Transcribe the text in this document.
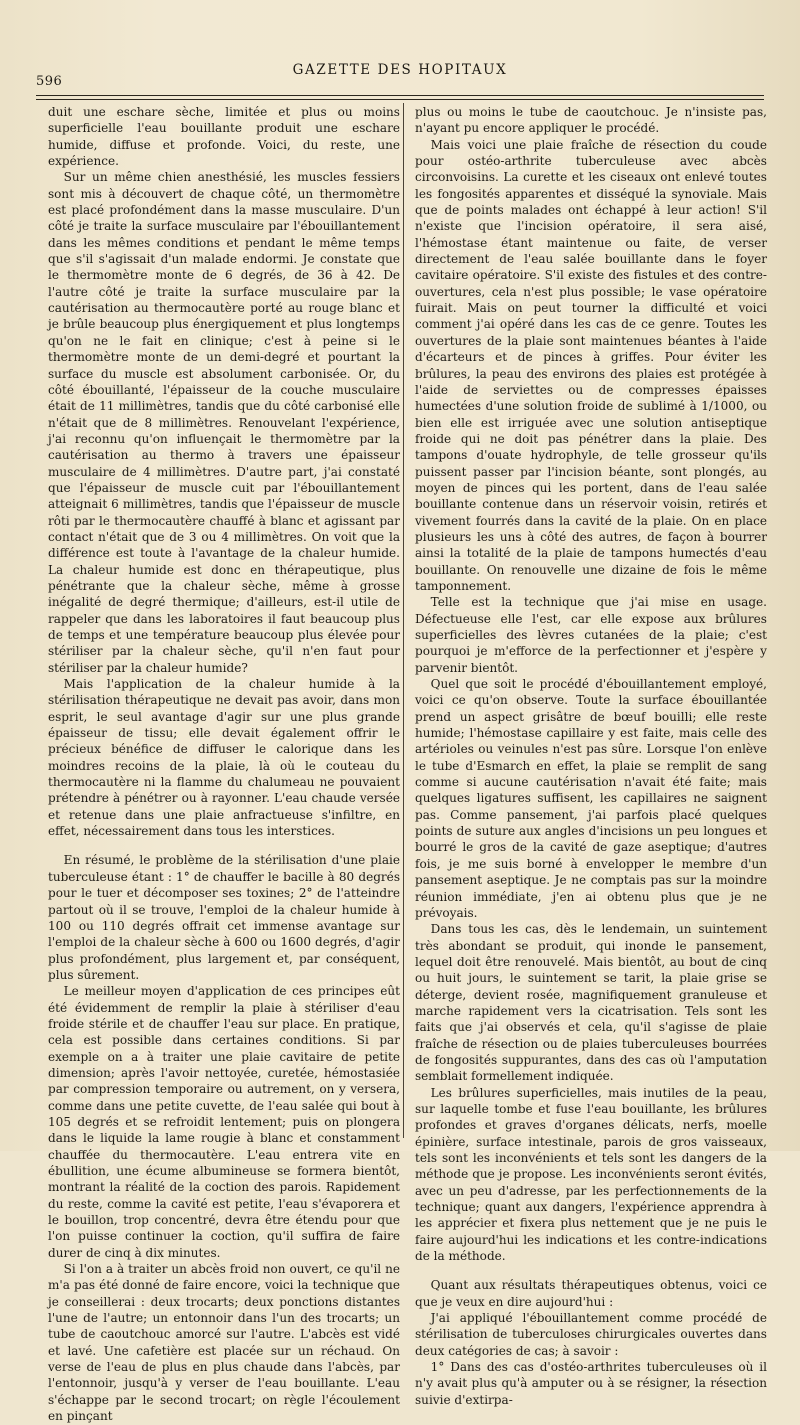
596
GAZETTE DES HOPITAUX

duit une eschare sèche, limitée et plus ou moins superficielle l'eau bouillante produit une eschare humide, diffuse et profonde. Voici, du reste, une expérience.

Sur un même chien anesthésié, les muscles fessiers sont mis à découvert de chaque côté, un thermomètre est placé profondément dans la masse musculaire. D'un côté je traite la surface musculaire par l'ébouillantement dans les mêmes conditions et pendant le même temps que s'il s'agissait d'un malade endormi. Je constate que le thermomètre monte de 6 degrés, de 36 à 42. De l'autre côté je traite la surface musculaire par la cautérisation au thermocautère porté au rouge blanc et je brûle beaucoup plus énergiquement et plus longtemps qu'on ne le fait en clinique; c'est à peine si le thermomètre monte de un demi-degré et pourtant la surface du muscle est absolument carbonisée. Or, du côté ébouillanté, l'épaisseur de la couche musculaire était de 11 millimètres, tandis que du côté carbonisé elle n'était que de 8 millimètres. Renouvelant l'expérience, j'ai reconnu qu'on influençait le thermomètre par la cautérisation au thermo à travers une épaisseur musculaire de 4 millimètres. D'autre part, j'ai constaté que l'épaisseur de muscle cuit par l'ébouillantement atteignait 6 millimètres, tandis que l'épaisseur de muscle rôti par le thermocautère chauffé à blanc et agissant par contact n'était que de 3 ou 4 millimètres. On voit que la différence est toute à l'avantage de la chaleur humide. La chaleur humide est donc en thérapeutique, plus pénétrante que la chaleur sèche, même à grosse inégalité de degré thermique; d'ailleurs, est-il utile de rappeler que dans les laboratoires il faut beaucoup plus de temps et une température beaucoup plus élevée pour stériliser par la chaleur sèche, qu'il n'en faut pour stériliser par la chaleur humide?

Mais l'application de la chaleur humide à la stérilisation thérapeutique ne devait pas avoir, dans mon esprit, le seul avantage d'agir sur une plus grande épaisseur de tissu; elle devait également offrir le précieux bénéfice de diffuser le calorique dans les moindres recoins de la plaie, là où le couteau du thermocautère ni la flamme du chalumeau ne pouvaient prétendre à pénétrer ou à rayonner. L'eau chaude versée et retenue dans une plaie anfractueuse s'infiltre, en effet, nécessairement dans tous les interstices.

En résumé, le problème de la stérilisation d'une plaie tuberculeuse étant : 1° de chauffer le bacille à 80 degrés pour le tuer et décomposer ses toxines; 2° de l'atteindre partout où il se trouve, l'emploi de la chaleur humide à 100 ou 110 degrés offrait cet immense avantage sur l'emploi de la chaleur sèche à 600 ou 1600 degrés, d'agir plus profondément, plus largement et, par conséquent, plus sûrement.

Le meilleur moyen d'application de ces principes eût été évidemment de remplir la plaie à stériliser d'eau froide stérile et de chauffer l'eau sur place. En pratique, cela est possible dans certaines conditions. Si par exemple on a à traiter une plaie cavitaire de petite dimension; après l'avoir nettoyée, curetée, hémostasiée par compression temporaire ou autrement, on y versera, comme dans une petite cuvette, de l'eau salée qui bout à 105 degrés et se refroidit lentement; puis on plongera dans le liquide la lame rougie à blanc et constamment chauffée du thermocautère. L'eau entrera vite en ébullition, une écume albumineuse se formera bientôt, montrant la réalité de la coction des parois. Rapidement du reste, comme la cavité est petite, l'eau s'évaporera et le bouillon, trop concentré, devra être étendu pour que l'on puisse continuer la coction, qu'il suffira de faire durer de cinq à dix minutes.

Si l'on a à traiter un abcès froid non ouvert, ce qu'il ne m'a pas été donné de faire encore, voici la technique que je conseillerai : deux trocarts; deux ponctions distantes l'une de l'autre; un entonnoir dans l'un des trocarts; un tube de caoutchouc amorcé sur l'autre. L'abcès est vidé et lavé. Une cafetière est placée sur un réchaud. On verse de l'eau de plus en plus chaude dans l'abcès, par l'entonnoir, jusqu'à y verser de l'eau bouillante. L'eau s'échappe par le second trocart; on règle l'écoulement en pinçant

plus ou moins le tube de caoutchouc. Je n'insiste pas, n'ayant pu encore appliquer le procédé.

Mais voici une plaie fraîche de résection du coude pour ostéo-arthrite tuberculeuse avec abcès circonvoisins. La curette et les ciseaux ont enlevé toutes les fongosités apparentes et disséqué la synoviale. Mais que de points malades ont échappé à leur action! S'il n'existe que l'incision opératoire, il sera aisé, l'hémostase étant maintenue ou faite, de verser directement de l'eau salée bouillante dans le foyer cavitaire opératoire. S'il existe des fistules et des contre-ouvertures, cela n'est plus possible; le vase opératoire fuirait. Mais on peut tourner la difficulté et voici comment j'ai opéré dans les cas de ce genre. Toutes les ouvertures de la plaie sont maintenues béantes à l'aide d'écarteurs et de pinces à griffes. Pour éviter les brûlures, la peau des environs des plaies est protégée à l'aide de serviettes ou de compresses épaisses humectées d'une solution froide de sublimé à 1/1000, ou bien elle est irriguée avec une solution antiseptique froide qui ne doit pas pénétrer dans la plaie. Des tampons d'ouate hydrophyle, de telle grosseur qu'ils puissent passer par l'incision béante, sont plongés, au moyen de pinces qui les portent, dans de l'eau salée bouillante contenue dans un réservoir voisin, retirés et vivement fourrés dans la cavité de la plaie. On en place plusieurs les uns à côté des autres, de façon à bourrer ainsi la totalité de la plaie de tampons humectés d'eau bouillante. On renouvelle une dizaine de fois le même tamponnement.

Telle est la technique que j'ai mise en usage. Défectueuse elle l'est, car elle expose aux brûlures superficielles des lèvres cutanées de la plaie; c'est pourquoi je m'efforce de la perfectionner et j'espère y parvenir bientôt.

Quel que soit le procédé d'ébouillantement employé, voici ce qu'on observe. Toute la surface ébouillantée prend un aspect grisâtre de bœuf bouilli; elle reste humide; l'hémostase capillaire y est faite, mais celle des artérioles ou veinules n'est pas sûre. Lorsque l'on enlève le tube d'Esmarch en effet, la plaie se remplit de sang comme si aucune cautérisation n'avait été faite; mais quelques ligatures suffisent, les capillaires ne saignent pas. Comme pansement, j'ai parfois placé quelques points de suture aux angles d'incisions un peu longues et bourré le gros de la cavité de gaze aseptique; d'autres fois, je me suis borné à envelopper le membre d'un pansement aseptique. Je ne comptais pas sur la moindre réunion immédiate, j'en ai obtenu plus que je ne prévoyais.

Dans tous les cas, dès le lendemain, un suintement très abondant se produit, qui inonde le pansement, lequel doit être renouvelé. Mais bientôt, au bout de cinq ou huit jours, le suintement se tarit, la plaie grise se déterge, devient rosée, magnifiquement granuleuse et marche rapidement vers la cicatrisation. Tels sont les faits que j'ai observés et cela, qu'il s'agisse de plaie fraîche de résection ou de plaies tuberculeuses bourrées de fongosités suppurantes, dans des cas où l'amputation semblait formellement indiquée.

Les brûlures superficielles, mais inutiles de la peau, sur laquelle tombe et fuse l'eau bouillante, les brûlures profondes et graves d'organes délicats, nerfs, moelle épinière, surface intestinale, parois de gros vaisseaux, tels sont les inconvénients et tels sont les dangers de la méthode que je propose. Les inconvénients seront évités, avec un peu d'adresse, par les perfectionnements de la technique; quant aux dangers, l'expérience apprendra à les apprécier et fixera plus nettement que je ne puis le faire aujourd'hui les indications et les contre-indications de la méthode.

Quant aux résultats thérapeutiques obtenus, voici ce que je veux en dire aujourd'hui :

J'ai appliqué l'ébouillantement comme procédé de stérilisation de tuberculoses chirurgicales ouvertes dans deux catégories de cas; à savoir :

1° Dans des cas d'ostéo-arthrites tuberculeuses où il n'y avait plus qu'à amputer ou à se résigner, la résection suivie d'extirpa-
